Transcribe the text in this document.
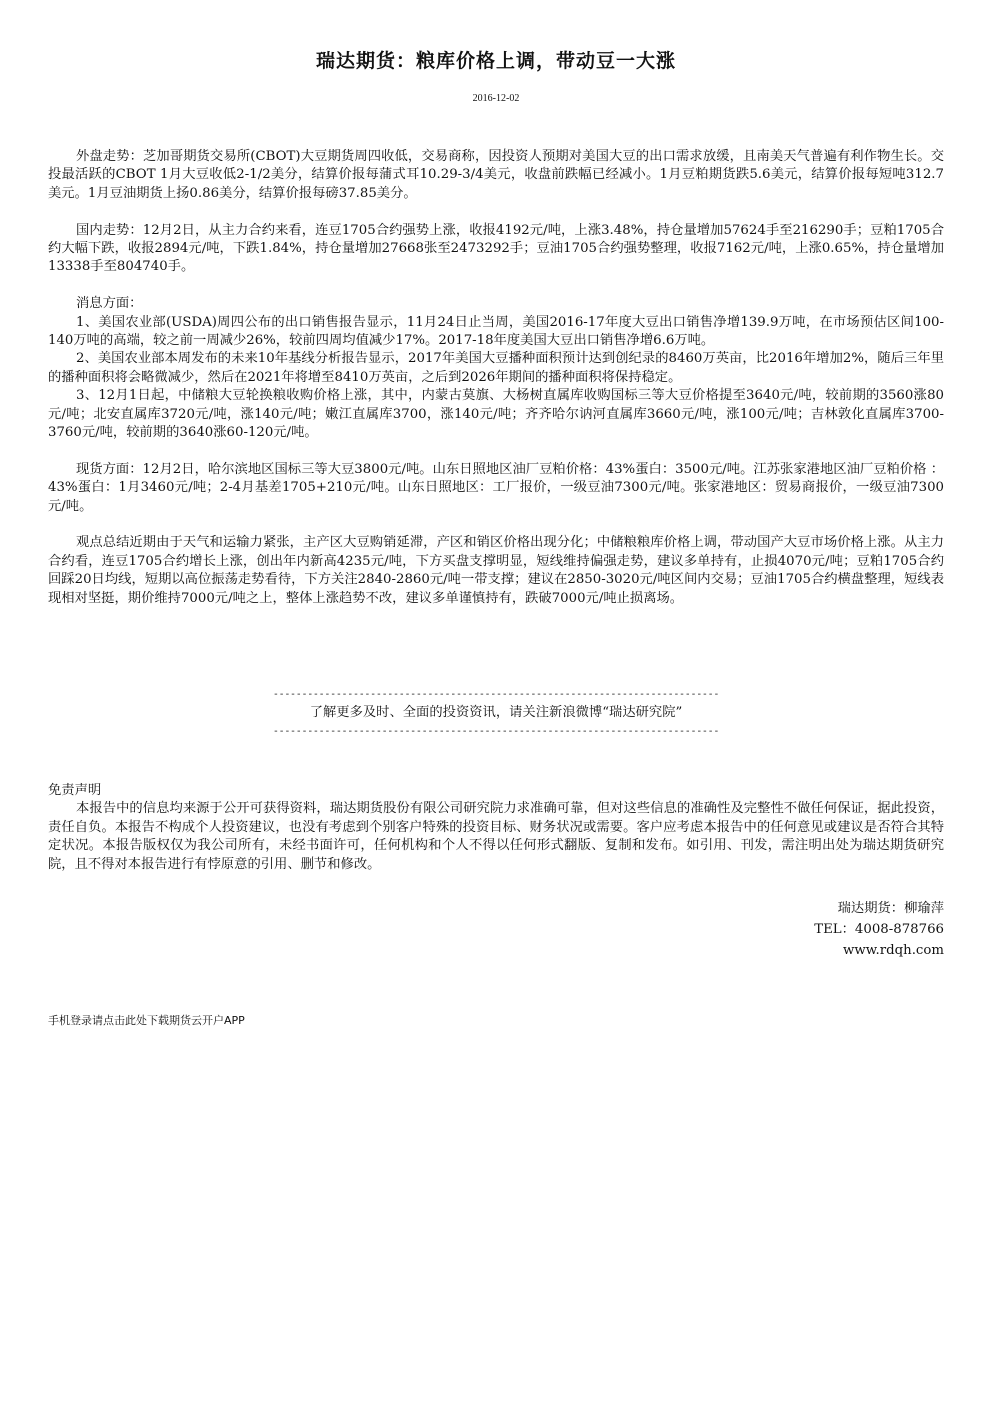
瑞达期货：粮库价格上调，带动豆一大涨
2016-12-02

外盘走势：芝加哥期货交易所(CBOT)大豆期货周四收低，交易商称，因投资人预期对美国大豆的出口需求放缓，且南美天气普遍有利作物生长。交投最活跃的CBOT 1月大豆收低2-1/2美分，结算价报每蒲式耳10.29-3/4美元，收盘前跌幅已经减小。1月豆粕期货跌5.6美元，结算价报每短吨312.7美元。1月豆油期货上扬0.86美分，结算价报每磅37.85美分。

国内走势：12月2日，从主力合约来看，连豆1705合约强势上涨，收报4192元/吨，上涨3.48%，持仓量增加57624手至216290手；豆粕1705合约大幅下跌，收报2894元/吨，下跌1.84%，持仓量增加27668张至2473292手；豆油1705合约强势整理，收报7162元/吨，上涨0.65%，持仓量增加13338手至804740手。

消息方面：

1、美国农业部(USDA)周四公布的出口销售报告显示，11月24日止当周，美国2016-17年度大豆出口销售净增139.9万吨，在市场预估区间100-140万吨的高端，较之前一周减少26%，较前四周均值减少17%。2017-18年度美国大豆出口销售净增6.6万吨。

2、美国农业部本周发布的未来10年基线分析报告显示，2017年美国大豆播种面积预计达到创纪录的8460万英亩，比2016年增加2%，随后三年里的播种面积将会略微减少，然后在2021年将增至8410万英亩，之后到2026年期间的播种面积将保持稳定。

3、12月1日起，中储粮大豆轮换粮收购价格上涨，其中，内蒙古莫旗、大杨树直属库收购国标三等大豆价格提至3640元/吨，较前期的3560涨80元/吨；北安直属库3720元/吨，涨140元/吨；嫩江直属库3700，涨140元/吨；齐齐哈尔讷河直属库3660元/吨，涨100元/吨；吉林敦化直属库3700-3760元/吨，较前期的3640涨60-120元/吨。

现货方面：12月2日，哈尔滨地区国标三等大豆3800元/吨。山东日照地区油厂豆粕价格：43%蛋白：3500元/吨。江苏张家港地区油厂豆粕价格 ：43%蛋白：1月3460元/吨；2-4月基差1705+210元/吨。山东日照地区：工厂报价，一级豆油7300元/吨。张家港地区：贸易商报价，一级豆油7300元/吨。

观点总结近期由于天气和运输力紧张，主产区大豆购销延滞，产区和销区价格出现分化；中储粮粮库价格上调，带动国产大豆市场价格上涨。从主力合约看，连豆1705合约增长上涨，创出年内新高4235元/吨，下方买盘支撑明显，短线维持偏强走势，建议多单持有，止损4070元/吨；豆粕1705合约回踩20日均线，短期以高位振荡走势看待，下方关注2840-2860元/吨一带支撑；建议在2850-3020元/吨区间内交易；豆油1705合约横盘整理，短线表现相对坚挺，期价维持7000元/吨之上，整体上涨趋势不改，建议多单谨慎持有，跌破7000元/吨止损离场。

------------------------------------------------------------------------------
了解更多及时、全面的投资资讯，请关注新浪微博“瑞达研究院”
------------------------------------------------------------------------------

免责声明

本报告中的信息均来源于公开可获得资料，瑞达期货股份有限公司研究院力求准确可靠，但对这些信息的准确性及完整性不做任何保证，据此投资，责任自负。本报告不构成个人投资建议，也没有考虑到个别客户特殊的投资目标、财务状况或需要。客户应考虑本报告中的任何意见或建议是否符合其特定状况。本报告版权仅为我公司所有，未经书面许可，任何机构和个人不得以任何形式翻版、复制和发布。如引用、刊发，需注明出处为瑞达期货研究院，且不得对本报告进行有悖原意的引用、删节和修改。

瑞达期货：柳瑜萍
TEL：4008-878766
www.rdqh.com
手机登录请点击此处下载期货云开户APP
